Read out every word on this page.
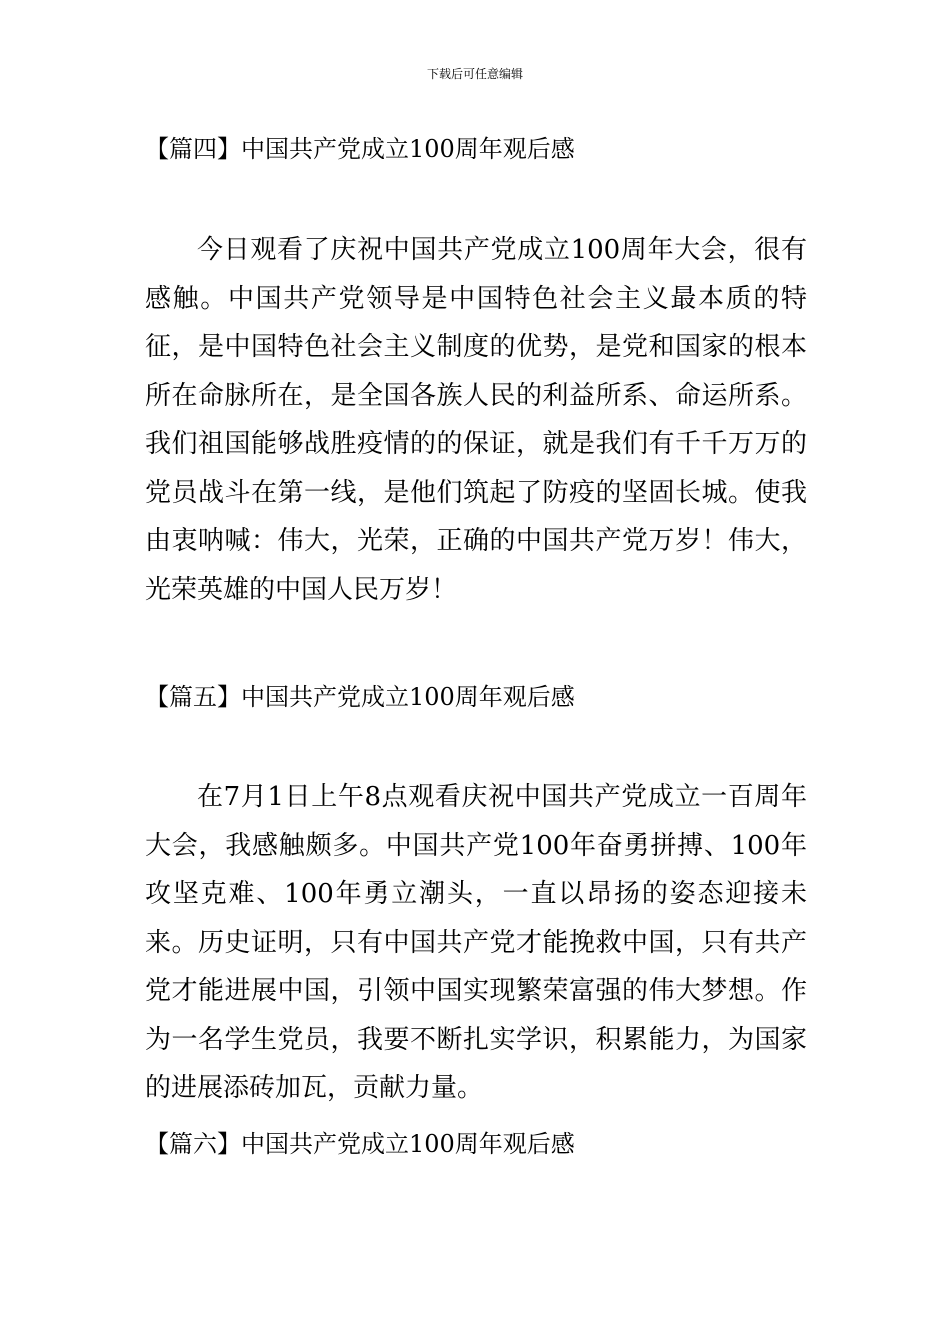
下载后可任意编辑
【篇四】中国共产党成立100周年观后感

今日观看了庆祝中国共产党成立100周年大会，很有感触。中国共产党领导是中国特色社会主义最本质的特征，是中国特色社会主义制度的优势，是党和国家的根本所在命脉所在，是全国各族人民的利益所系、命运所系。我们祖国能够战胜疫情的的保证，就是我们有千千万万的党员战斗在第一线，是他们筑起了防疫的坚固长城。使我由衷呐喊：伟大，光荣，正确的中国共产党万岁！伟大，光荣英雄的中国人民万岁！

【篇五】中国共产党成立100周年观后感

在7月1日上午8点观看庆祝中国共产党成立一百周年大会，我感触颇多。中国共产党100年奋勇拼搏、100年攻坚克难、100年勇立潮头，一直以昂扬的姿态迎接未来。历史证明，只有中国共产党才能挽救中国，只有共产党才能进展中国，引领中国实现繁荣富强的伟大梦想。作为一名学生党员，我要不断扎实学识，积累能力，为国家的进展添砖加瓦，贡献力量。

【篇六】中国共产党成立100周年观后感
